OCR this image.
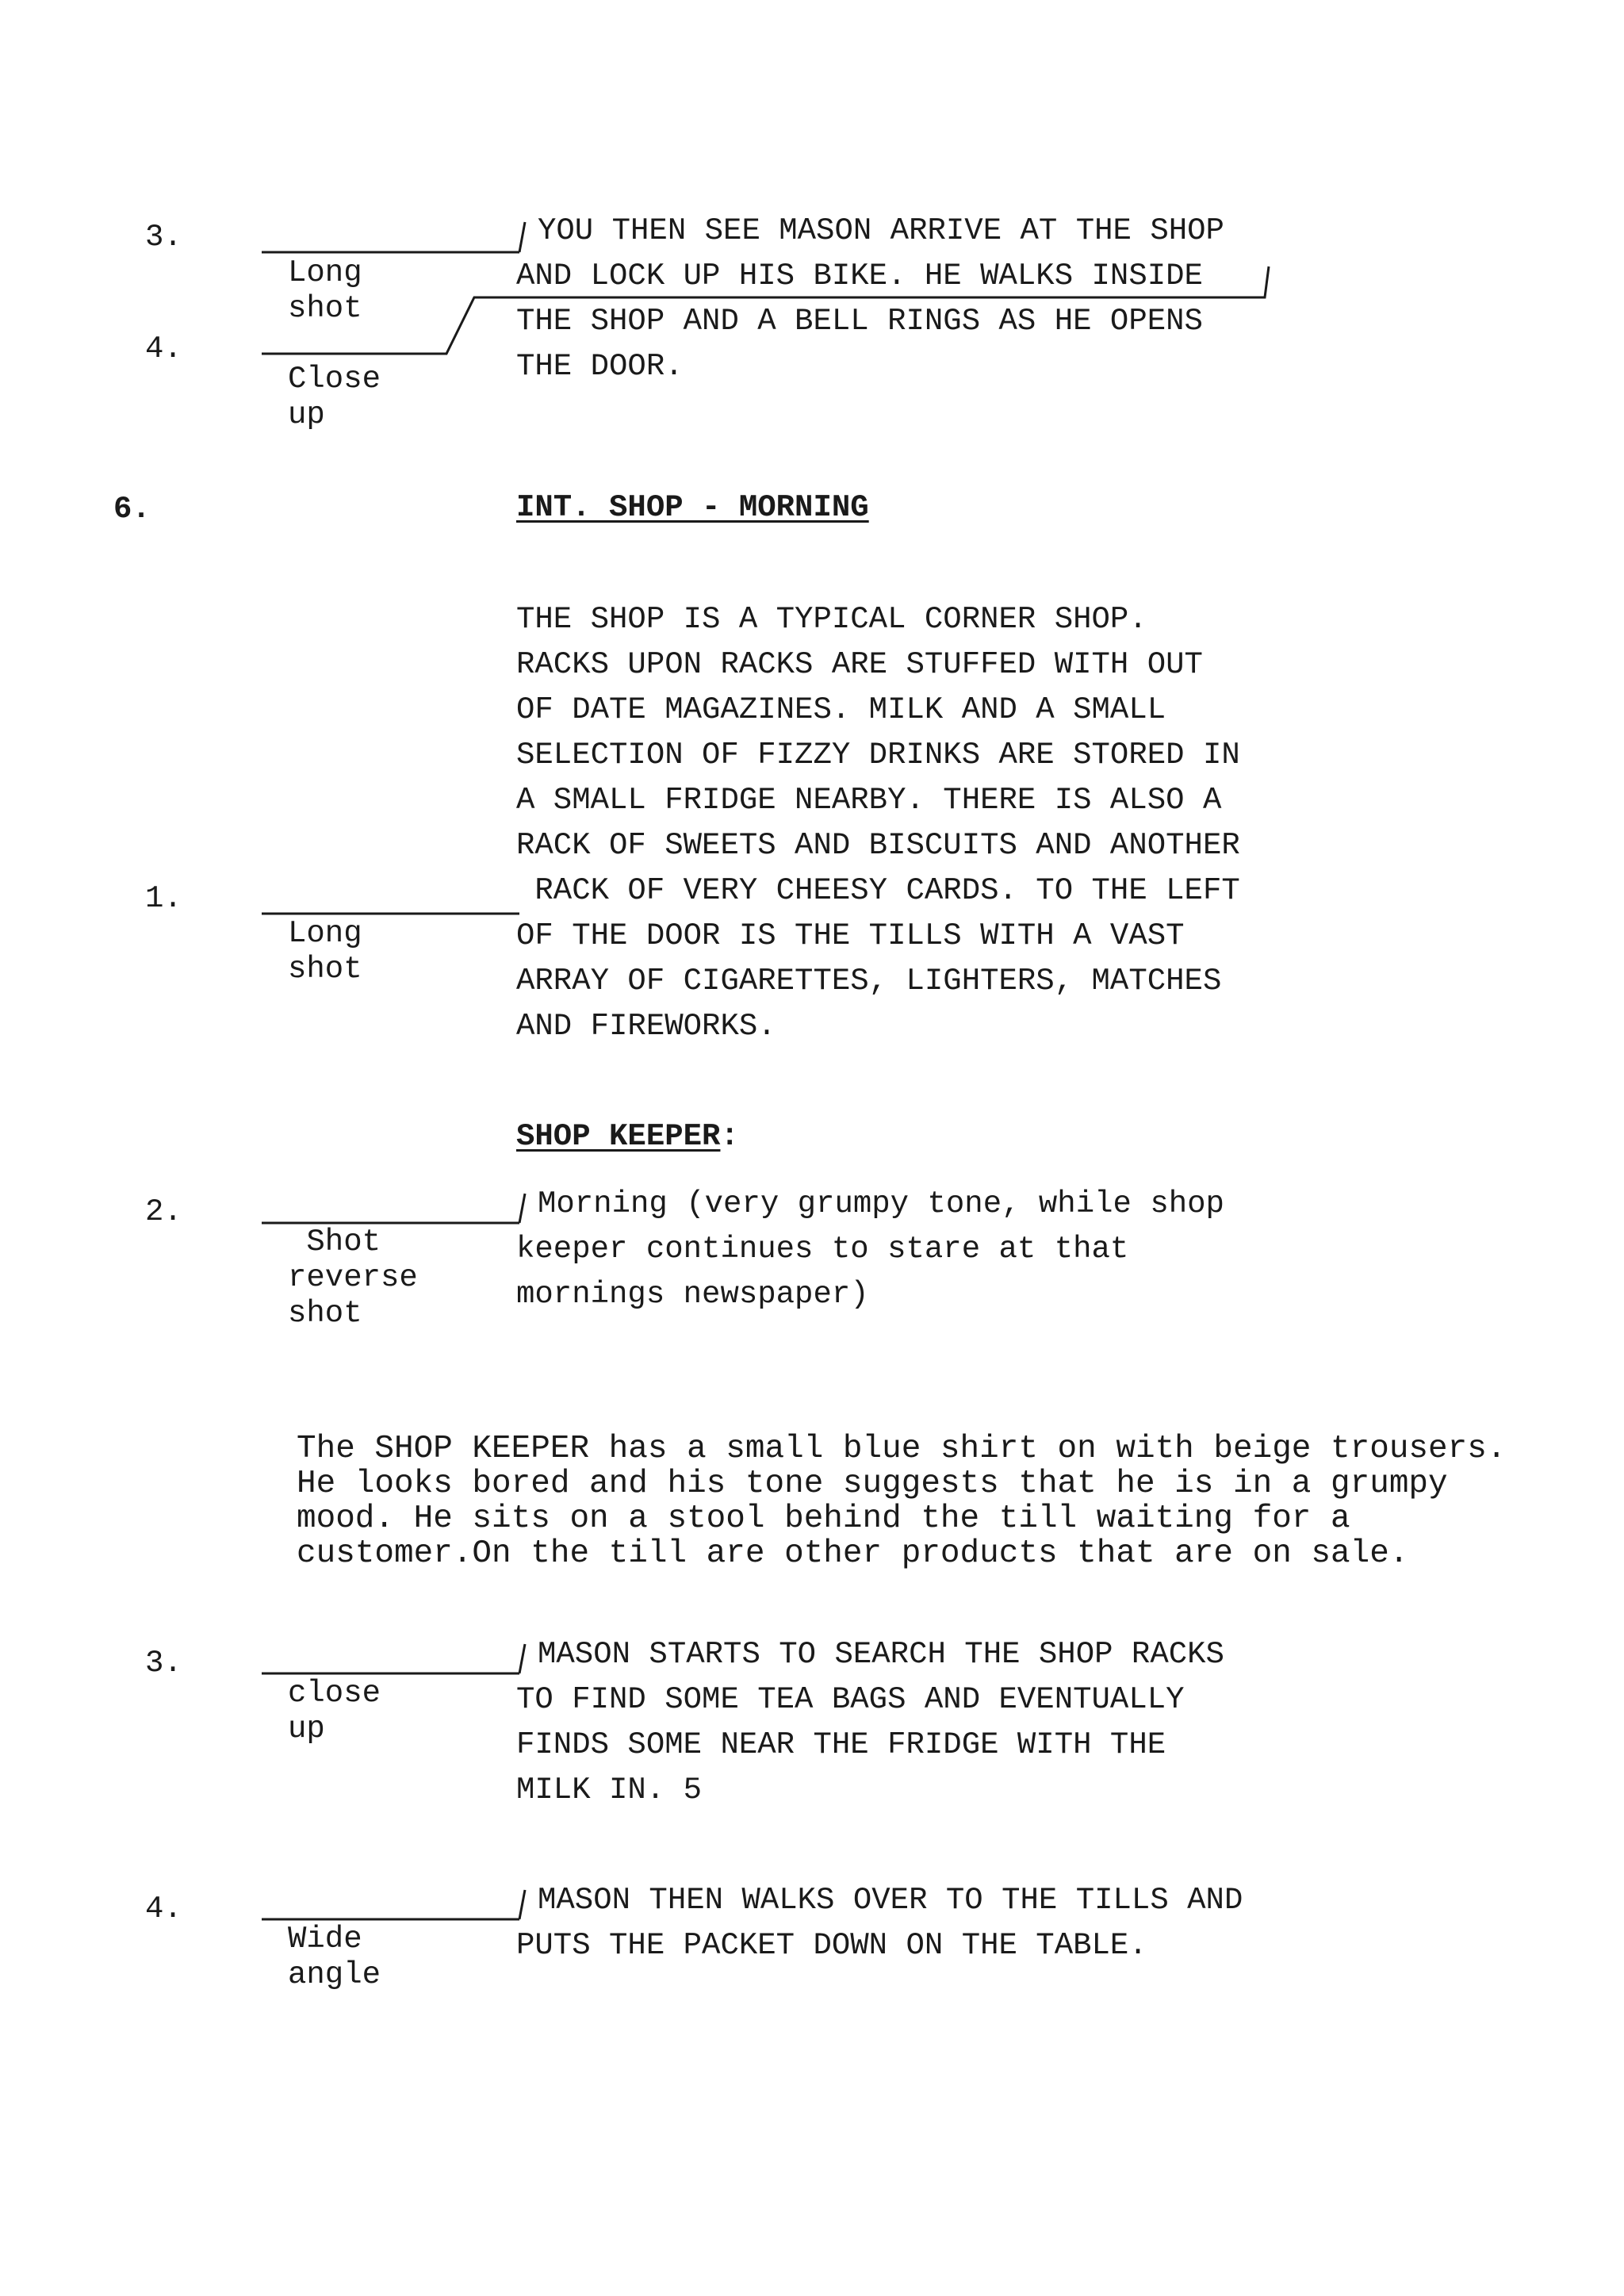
3.
Long
shot
4.
Close
up
YOU THEN SEE MASON ARRIVE AT THE SHOP
AND LOCK UP HIS BIKE. HE WALKS INSIDE
THE SHOP AND A BELL RINGS AS HE OPENS
THE DOOR.
6.	INT. SHOP - MORNING
THE SHOP IS A TYPICAL CORNER SHOP.
RACKS UPON RACKS ARE STUFFED WITH OUT
OF DATE MAGAZINES. MILK AND A SMALL
SELECTION OF FIZZY DRINKS ARE STORED IN
A SMALL FRIDGE NEARBY. THERE IS ALSO A
RACK OF SWEETS AND BISCUITS AND ANOTHER
RACK OF VERY CHEESY CARDS. TO THE LEFT
OF THE DOOR IS THE TILLS WITH A VAST
ARRAY OF CIGARETTES, LIGHTERS, MATCHES
AND FIREWORKS.
1.
Long
shot
SHOP KEEPER:
2.
Shot
reverse
shot
Morning (very grumpy tone, while shop
keeper continues to stare at that
mornings newspaper)
The SHOP KEEPER has a small blue shirt on with beige trousers.
He looks bored and his tone suggests that he is in a grumpy
mood. He sits on a stool behind the till waiting for a
customer.On the till are other products that are on sale.
3.
close
up
MASON STARTS TO SEARCH THE SHOP RACKS
TO FIND SOME TEA BAGS AND EVENTUALLY
FINDS SOME NEAR THE FRIDGE WITH THE
MILK IN. 5
4.
Wide
angle
MASON THEN WALKS OVER TO THE TILLS AND
PUTS THE PACKET DOWN ON THE TABLE.
